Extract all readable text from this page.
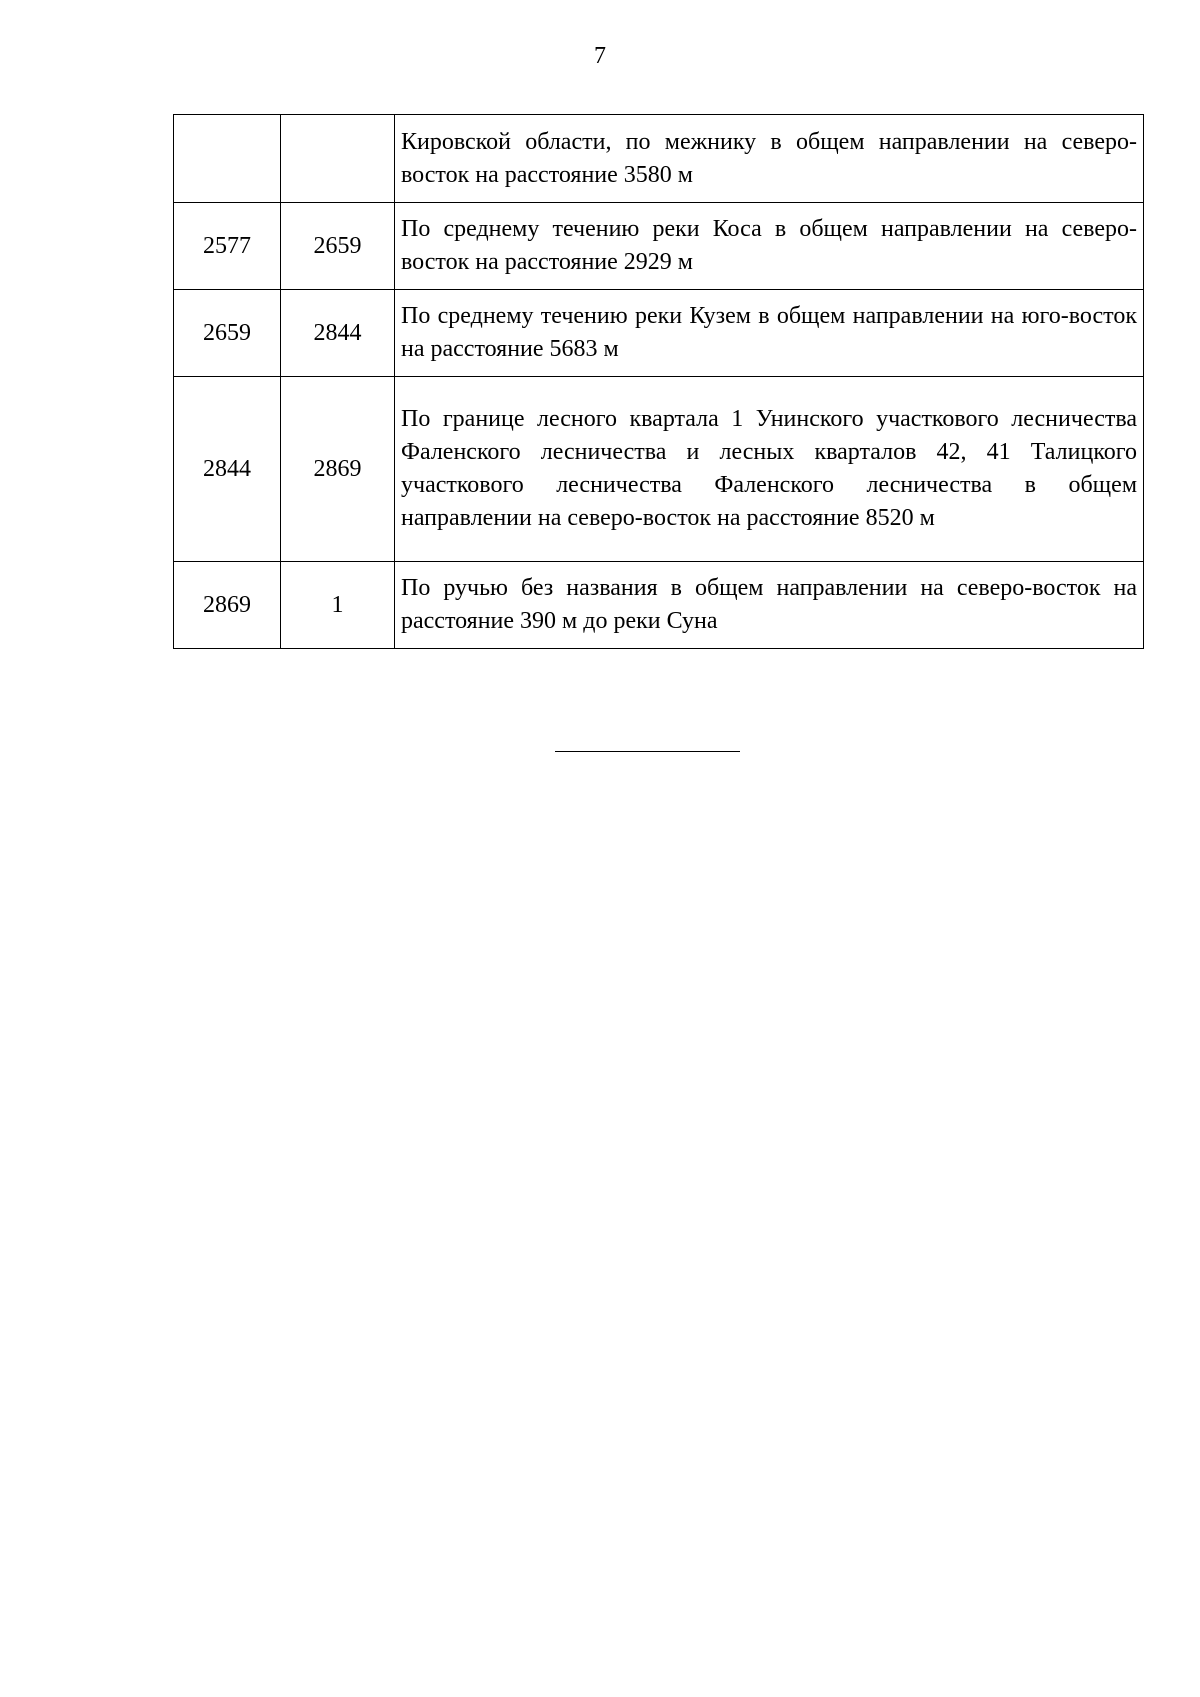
7
		Кировской области, по межнику в общем направлении на северо-восток на расстояние 3580 м
2577	2659	По среднему течению реки Коса в общем направлении на северо-восток на расстояние 2929 м
2659	2844	По среднему течению реки Кузем в общем направлении на юго-восток на расстояние 5683 м
2844	2869	По границе лесного квартала 1 Унинского участкового лесничества Фаленского лесничества и лесных кварталов 42, 41 Талицкого участкового лесничества Фаленского лесничества в общем направлении на северо-восток на расстояние 8520 м
2869	1	По ручью без названия в общем направлении на северо-восток на расстояние 390 м до реки Суна
